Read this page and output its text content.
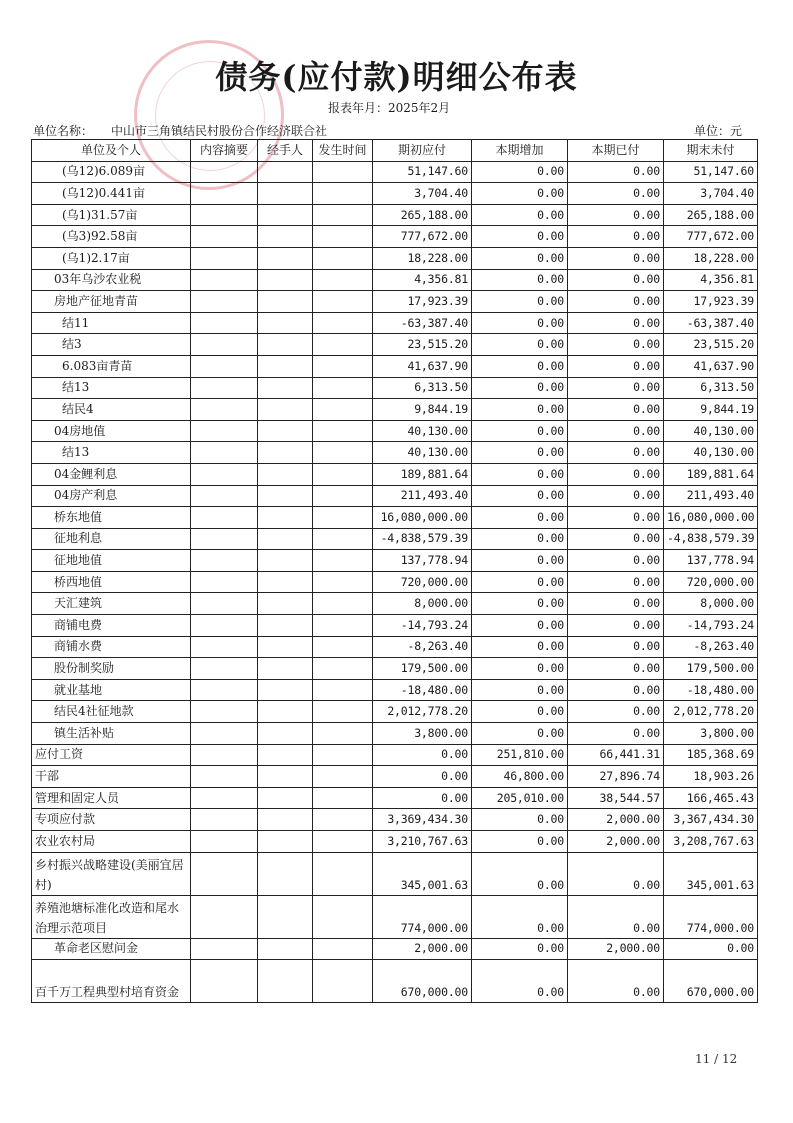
债务(应付款)明细公布表
报表年月：2025年2月
单位名称： 中山市三角镇结民村股份合作经济联合社	单位：元
单位及个人	内容摘要	经手人	发生时间	期初应付	本期增加	本期已付	期末未付
(乌12)6.089亩				51,147.60	0.00	0.00	51,147.60
(乌12)0.441亩				3,704.40	0.00	0.00	3,704.40
(乌1)31.57亩				265,188.00	0.00	0.00	265,188.00
(乌3)92.58亩				777,672.00	0.00	0.00	777,672.00
(乌1)2.17亩				18,228.00	0.00	0.00	18,228.00
03年乌沙农业税				4,356.81	0.00	0.00	4,356.81
房地产征地青苗				17,923.39	0.00	0.00	17,923.39
结11				-63,387.40	0.00	0.00	-63,387.40
结3				23,515.20	0.00	0.00	23,515.20
6.083亩青苗				41,637.90	0.00	0.00	41,637.90
结13				6,313.50	0.00	0.00	6,313.50
结民4				9,844.19	0.00	0.00	9,844.19
04房地值				40,130.00	0.00	0.00	40,130.00
结13				40,130.00	0.00	0.00	40,130.00
04金鲤利息				189,881.64	0.00	0.00	189,881.64
04房产利息				211,493.40	0.00	0.00	211,493.40
桥东地值				16,080,000.00	0.00	0.00	16,080,000.00
征地利息				-4,838,579.39	0.00	0.00	-4,838,579.39
征地地值				137,778.94	0.00	0.00	137,778.94
桥西地值				720,000.00	0.00	0.00	720,000.00
天汇建筑				8,000.00	0.00	0.00	8,000.00
商铺电费				-14,793.24	0.00	0.00	-14,793.24
商铺水费				-8,263.40	0.00	0.00	-8,263.40
股份制奖励				179,500.00	0.00	0.00	179,500.00
就业基地				-18,480.00	0.00	0.00	-18,480.00
结民4社征地款				2,012,778.20	0.00	0.00	2,012,778.20
镇生活补贴				3,800.00	0.00	0.00	3,800.00
应付工资				0.00	251,810.00	66,441.31	185,368.69
干部				0.00	46,800.00	27,896.74	18,903.26
管理和固定人员				0.00	205,010.00	38,544.57	166,465.43
专项应付款				3,369,434.30	0.00	2,000.00	3,367,434.30
农业农村局				3,210,767.63	0.00	2,000.00	3,208,767.63
乡村振兴战略建设(美丽宜居村)				345,001.63	0.00	0.00	345,001.63
养殖池塘标准化改造和尾水治理示范项目				774,000.00	0.00	0.00	774,000.00
革命老区慰问金				2,000.00	0.00	2,000.00	0.00
百千万工程典型村培育资金				670,000.00	0.00	0.00	670,000.00
11 / 12
